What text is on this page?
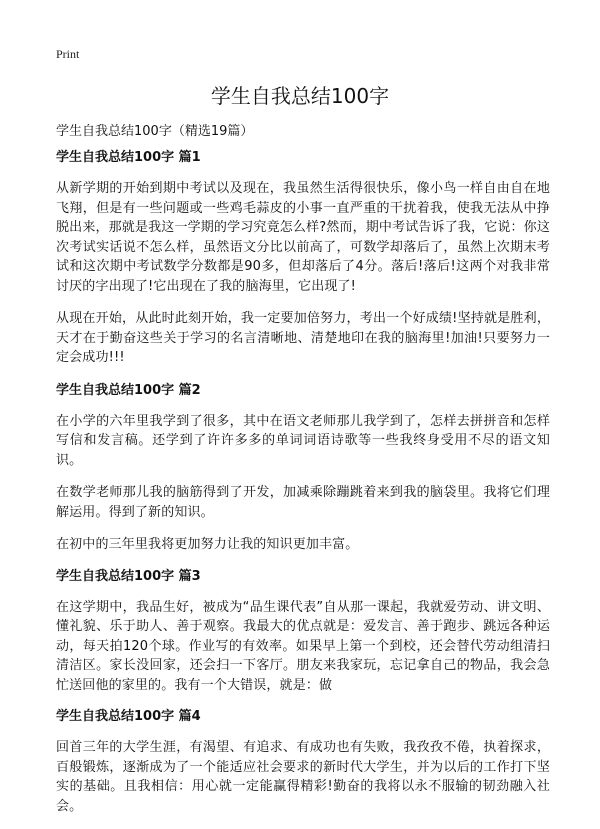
Print
学生自我总结100字
学生自我总结100字（精选19篇）
学生自我总结100字 篇1

从新学期的开始到期中考试以及现在，我虽然生活得很快乐，像小鸟一样自由自在地飞翔，但是有一些问题或一些鸡毛蒜皮的小事一直严重的干扰着我，使我无法从中挣脱出来，那就是我这一学期的学习究竟怎么样?然而，期中考试告诉了我，它说：你这次考试实话说不怎么样，虽然语文分比以前高了，可数学却落后了，虽然上次期末考试和这次期中考试数学分数都是90多，但却落后了4分。落后!落后!这两个对我非常讨厌的字出现了!它出现在了我的脑海里，它出现了!

从现在开始，从此时此刻开始，我一定要加倍努力，考出一个好成绩!坚持就是胜利，天才在于勤奋这些关于学习的名言清晰地、清楚地印在我的脑海里!加油!只要努力一定会成功!!!

学生自我总结100字 篇2

在小学的六年里我学到了很多，其中在语文老师那儿我学到了，怎样去拼拼音和怎样写信和发言稿。还学到了许许多多的单词词语诗歌等一些我终身受用不尽的语文知识。

在数学老师那儿我的脑筋得到了开发，加减乘除蹦跳着来到我的脑袋里。我将它们理解运用。得到了新的知识。

在初中的三年里我将更加努力让我的知识更加丰富。

学生自我总结100字 篇3

在这学期中，我品生好，被成为“品生课代表”自从那一课起，我就爱劳动、讲文明、懂礼貌、乐于助人、善于观察。我最大的优点就是：爱发言、善于跑步、跳远各种运动，每天拍120个球。作业写的有效率。如果早上第一个到校，还会替代劳动组清扫清洁区。家长没回家，还会扫一下客厅。朋友来我家玩，忘记拿自己的物品，我会急忙送回他的家里的。我有一个大错误，就是：做

学生自我总结100字 篇4

回首三年的大学生涯，有渴望、有追求、有成功也有失败，我孜孜不倦，执着探求，百般锻炼，逐渐成为了一个能适应社会要求的新时代大学生，并为以后的工作打下坚实的基础。且我相信：用心就一定能赢得精彩!勤奋的我将以永不服输的韧劲融入社会。
